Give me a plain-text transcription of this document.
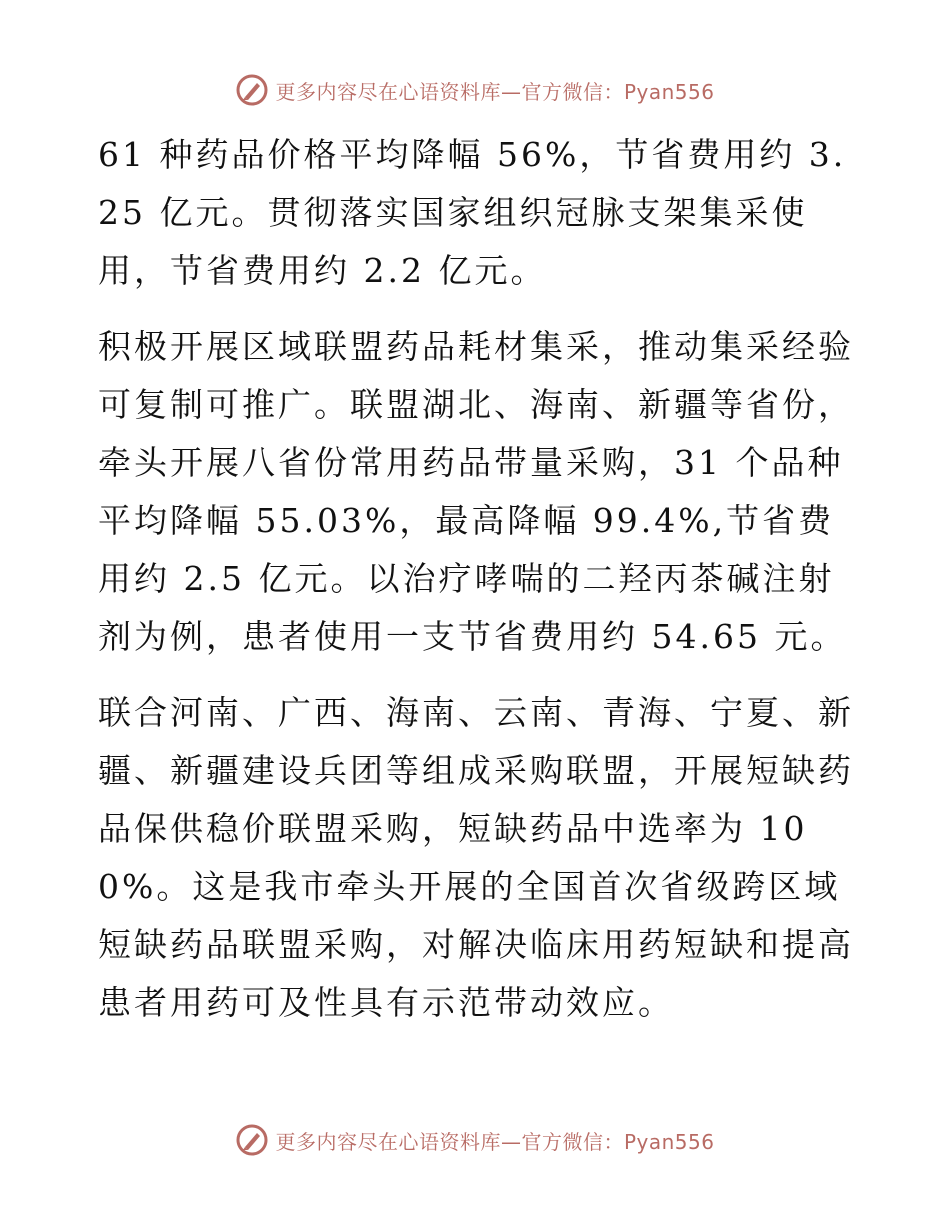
更多内容尽在心语资料库—官方微信：Pyan556

61 种药品价格平均降幅 56%，节省费用约 3.25 亿元。贯彻落实国家组织冠脉支架集采使用，节省费用约 2.2 亿元。

积极开展区域联盟药品耗材集采，推动集采经验可复制可推广。联盟湖北、海南、新疆等省份，牵头开展八省份常用药品带量采购，31 个品种平均降幅 55.03%，最高降幅 99.4%,节省费用约 2.5 亿元。以治疗哮喘的二羟丙茶碱注射剂为例，患者使用一支节省费用约 54.65 元。

联合河南、广西、海南、云南、青海、宁夏、新疆、新疆建设兵团等组成采购联盟，开展短缺药品保供稳价联盟采购，短缺药品中选率为 100%。这是我市牵头开展的全国首次省级跨区域短缺药品联盟采购，对解决临床用药短缺和提高患者用药可及性具有示范带动效应。

更多内容尽在心语资料库—官方微信：Pyan556
